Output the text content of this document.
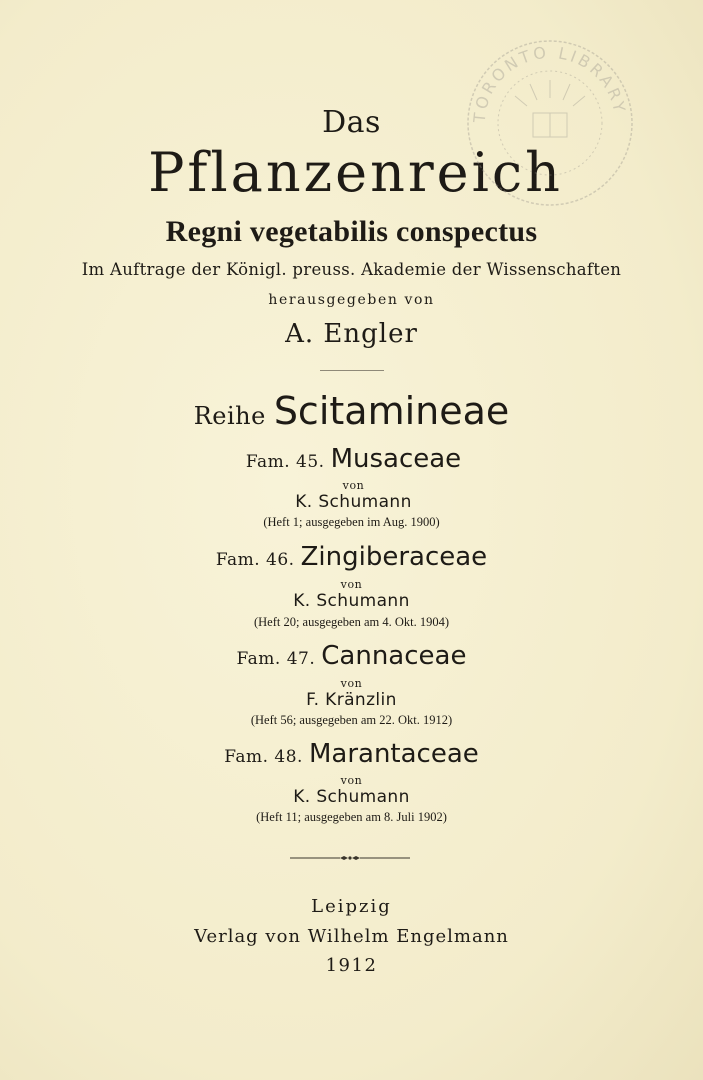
Das
Pflanzenreich
Regni vegetabilis conspectus
Im Auftrage der Königl. preuss. Akademie der Wissenschaften
herausgegeben von
A. Engler
Reihe Scitamineae
Fam. 45. Musaceae
von
K. Schumann
(Heft 1; ausgegeben im Aug. 1900)
Fam. 46. Zingiberaceae
von
K. Schumann
(Heft 20; ausgegeben am 4. Okt. 1904)
Fam. 47. Cannaceae
von
F. Kränzlin
(Heft 56; ausgegeben am 22. Okt. 1912)
Fam. 48. Marantaceae
von
K. Schumann
(Heft 11; ausgegeben am 8. Juli 1902)
Leipzig
Verlag von Wilhelm Engelmann
1912
TORONTO LIBRARY
